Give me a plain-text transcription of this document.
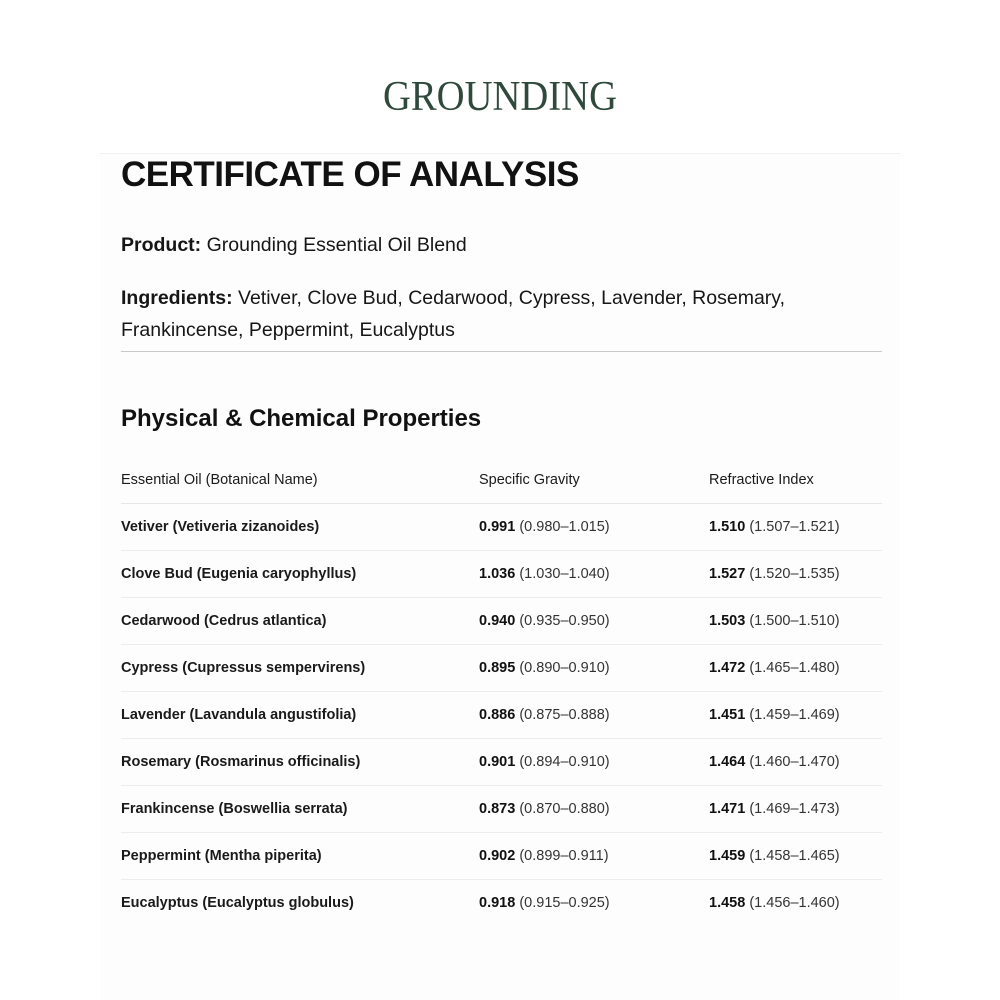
GROUNDING
CERTIFICATE OF ANALYSIS
Product: Grounding Essential Oil Blend
Ingredients: Vetiver, Clove Bud, Cedarwood, Cypress, Lavender, Rosemary, Frankincense, Peppermint, Eucalyptus
Physical & Chemical Properties
Essential Oil (Botanical Name)	Specific Gravity	Refractive Index
Vetiver (Vetiveria zizanoides)	0.991 (0.980–1.015)	1.510 (1.507–1.521)
Clove Bud (Eugenia caryophyllus)	1.036 (1.030–1.040)	1.527 (1.520–1.535)
Cedarwood (Cedrus atlantica)	0.940 (0.935–0.950)	1.503 (1.500–1.510)
Cypress (Cupressus sempervirens)	0.895 (0.890–0.910)	1.472 (1.465–1.480)
Lavender (Lavandula angustifolia)	0.886 (0.875–0.888)	1.451 (1.459–1.469)
Rosemary (Rosmarinus officinalis)	0.901 (0.894–0.910)	1.464 (1.460–1.470)
Frankincense (Boswellia serrata)	0.873 (0.870–0.880)	1.471 (1.469–1.473)
Peppermint (Mentha piperita)	0.902 (0.899–0.911)	1.459 (1.458–1.465)
Eucalyptus (Eucalyptus globulus)	0.918 (0.915–0.925)	1.458 (1.456–1.460)
